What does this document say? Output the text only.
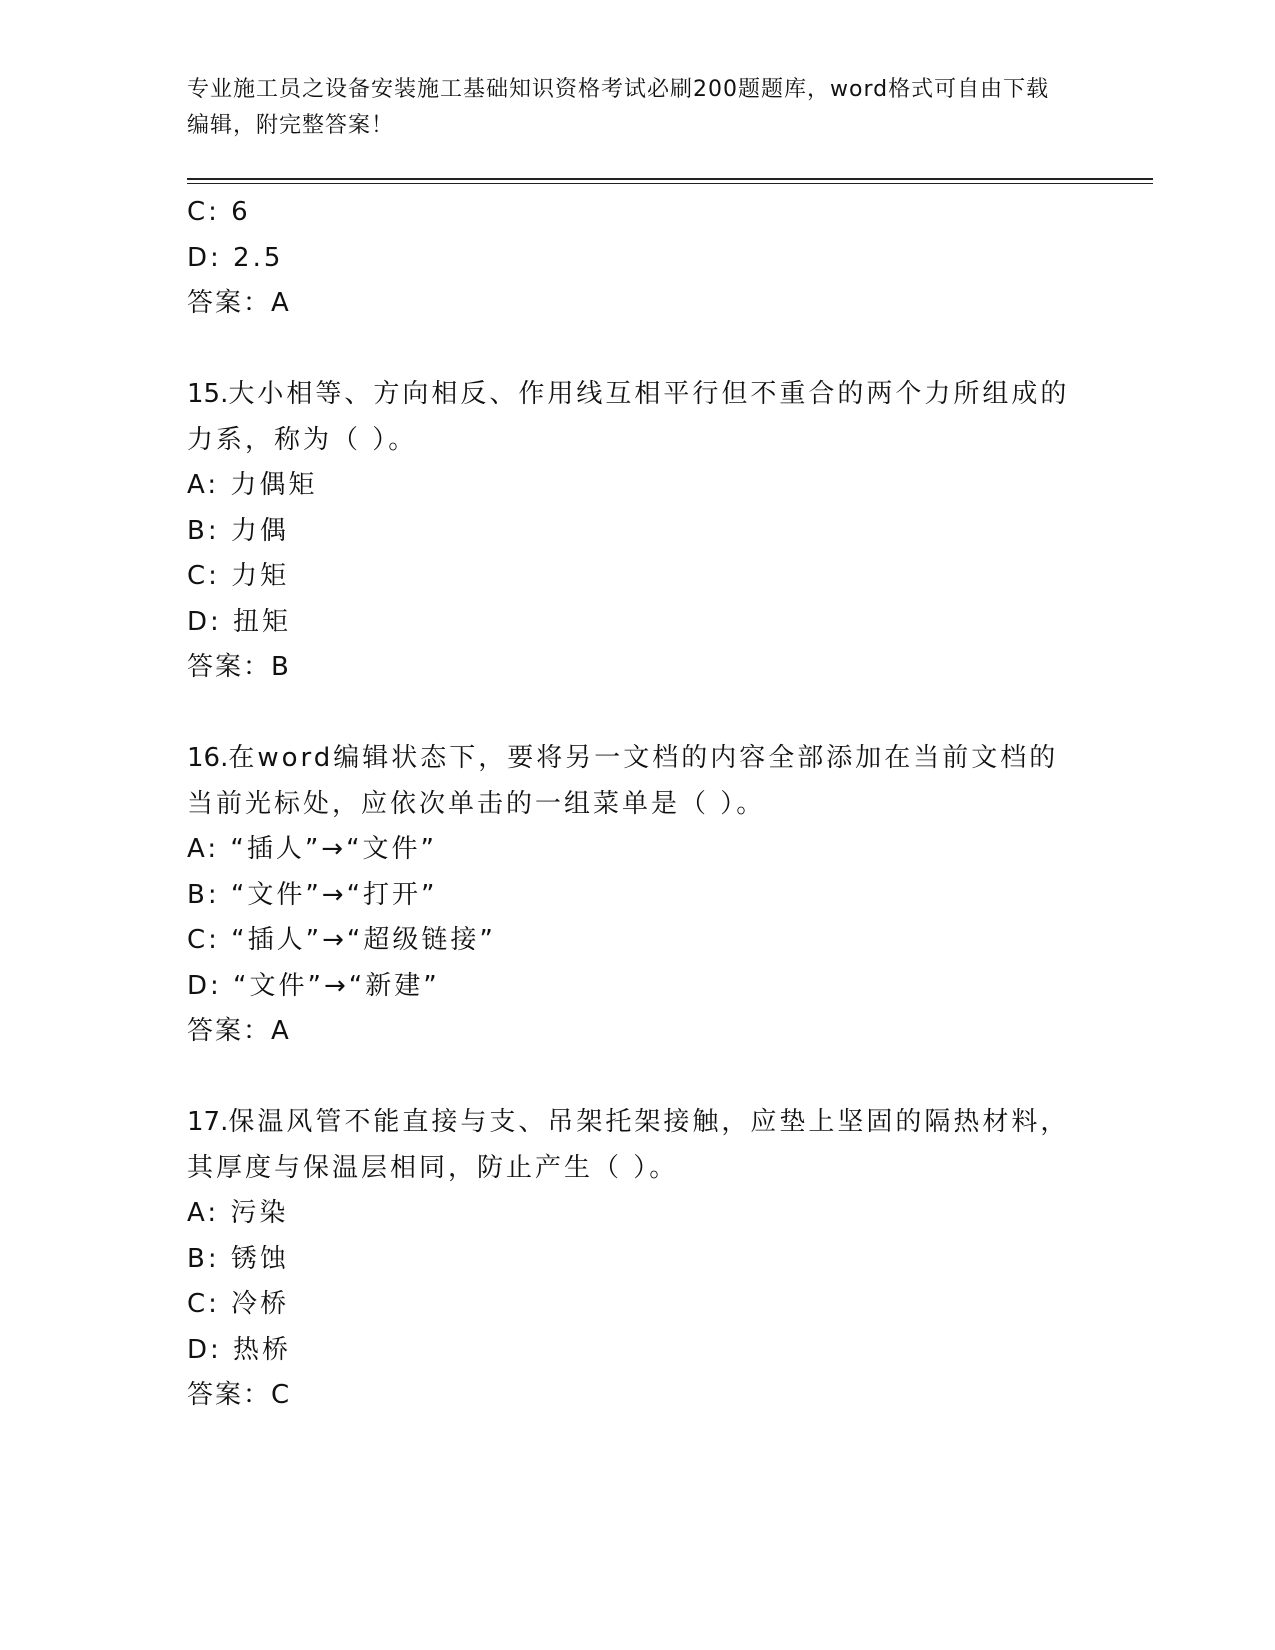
专业施工员之设备安装施工基础知识资格考试必刷200题题库，word格式可自由下载编辑，附完整答案！
C: 6
D: 2.5
答案：A
15.大小相等、方向相反、作用线互相平行但不重合的两个力所组成的
力系，称为（ ）。
A: 力偶矩
B: 力偶
C: 力矩
D: 扭矩
答案：B
16.在word编辑状态下，要将另一文档的内容全部添加在当前文档的
当前光标处，应依次单击的一组菜单是（ ）。
A: “插人”→“文件”
B: “文件”→“打开”
C: “插人”→“超级链接”
D: “文件”→“新建”
答案：A
17.保温风管不能直接与支、吊架托架接触，应垫上坚固的隔热材料，
其厚度与保温层相同，防止产生（ ）。
A: 污染
B: 锈蚀
C: 冷桥
D: 热桥
答案：C
